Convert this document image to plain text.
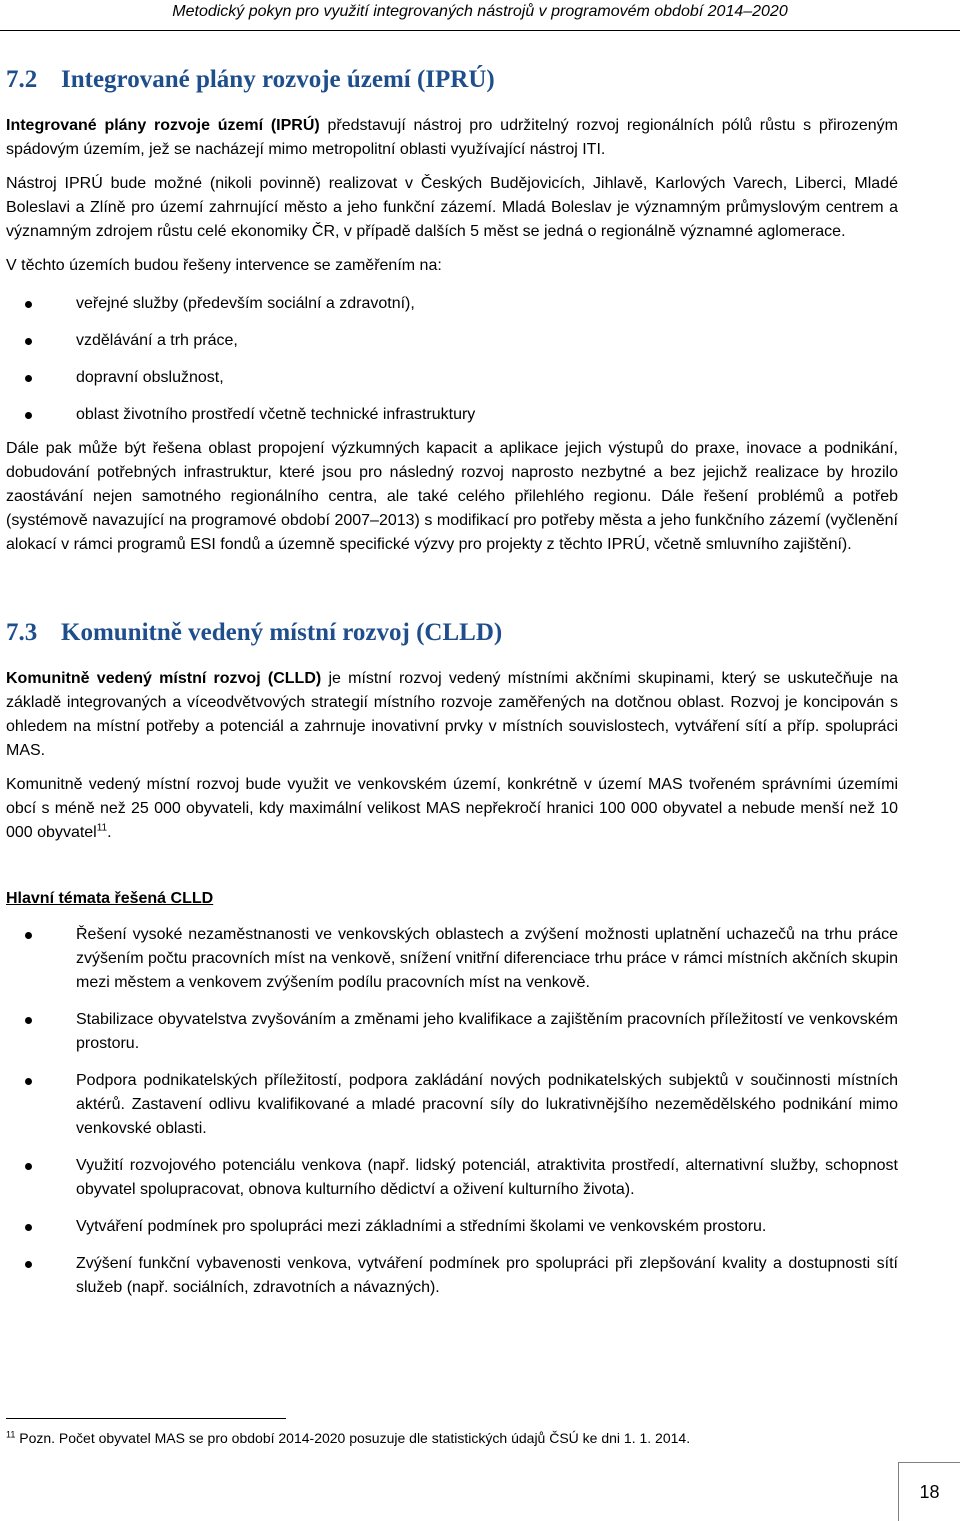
Metodický pokyn pro využití integrovaných nástrojů v programovém období 2014–2020
7.2 Integrované plány rozvoje území (IPRÚ)

Integrované plány rozvoje území (IPRÚ) představují nástroj pro udržitelný rozvoj regionálních pólů růstu s přirozeným spádovým územím, jež se nacházejí mimo metropolitní oblasti využívající nástroj ITI.

Nástroj IPRÚ bude možné (nikoli povinně) realizovat v Českých Budějovicích, Jihlavě, Karlových Varech, Liberci, Mladé Boleslavi a Zlíně pro území zahrnující město a jeho funkční zázemí. Mladá Boleslav je významným průmyslovým centrem a významným zdrojem růstu celé ekonomiky ČR, v případě dalších 5 měst se jedná o regionálně významné aglomerace.

V těchto územích budou řešeny intervence se zaměřením na:

veřejné služby (především sociální a zdravotní),
vzdělávání a trh práce,
dopravní obslužnost,
oblast životního prostředí včetně technické infrastruktury

Dále pak může být řešena oblast propojení výzkumných kapacit a aplikace jejich výstupů do praxe, inovace a podnikání, dobudování potřebných infrastruktur, které jsou pro následný rozvoj naprosto nezbytné a bez jejichž realizace by hrozilo zaostávání nejen samotného regionálního centra, ale také celého přilehlého regionu. Dále řešení problémů a potřeb (systémově navazující na programové období 2007–2013) s modifikací pro potřeby města a jeho funkčního zázemí (vyčlenění alokací v rámci programů ESI fondů a územně specifické výzvy pro projekty z těchto IPRÚ, včetně smluvního zajištění).

7.3 Komunitně vedený místní rozvoj (CLLD)

Komunitně vedený místní rozvoj (CLLD) je místní rozvoj vedený místními akčními skupinami, který se uskutečňuje na základě integrovaných a víceodvětvových strategií místního rozvoje zaměřených na dotčnou oblast. Rozvoj je koncipován s ohledem na místní potřeby a potenciál a zahrnuje inovativní prvky v místních souvislostech, vytváření sítí a příp. spolupráci MAS.

Komunitně vedený místní rozvoj bude využit ve venkovském území, konkrétně v území MAS tvořeném správními územími obcí s méně než 25 000 obyvateli, kdy maximální velikost MAS nepřekročí hranici 100 000 obyvatel a nebude menší než 10 000 obyvatel$^{11}$.

Hlavní témata řešená CLLD

Řešení vysoké nezaměstnanosti ve venkovských oblastech a zvýšení možnosti uplatnění uchazečů na trhu práce zvýšením počtu pracovních míst na venkově, snížení vnitřní diferenciace trhu práce v rámci místních akčních skupin mezi městem a venkovem zvýšením podílu pracovních míst na venkově.
Stabilizace obyvatelstva zvyšováním a změnami jeho kvalifikace a zajištěním pracovních příležitostí ve venkovském prostoru.
Podpora podnikatelských příležitostí, podpora zakládání nových podnikatelských subjektů v součinnosti místních aktérů. Zastavení odlivu kvalifikované a mladé pracovní síly do lukrativnějšího nezemědělského podnikání mimo venkovské oblasti.
Využití rozvojového potenciálu venkova (např. lidský potenciál, atraktivita prostředí, alternativní služby, schopnost obyvatel spolupracovat, obnova kulturního dědictví a oživení kulturního života).
Vytváření podmínek pro spolupráci mezi základními a středními školami ve venkovském prostoru.
Zvýšení funkční vybavenosti venkova, vytváření podmínek pro spolupráci při zlepšování kvality a dostupnosti sítí služeb (např. sociálních, zdravotních a návazných).
$^{11}$ Pozn. Počet obyvatel MAS se pro období 2014-2020 posuzuje dle statistických údajů ČSÚ ke dni 1. 1. 2014.
18
